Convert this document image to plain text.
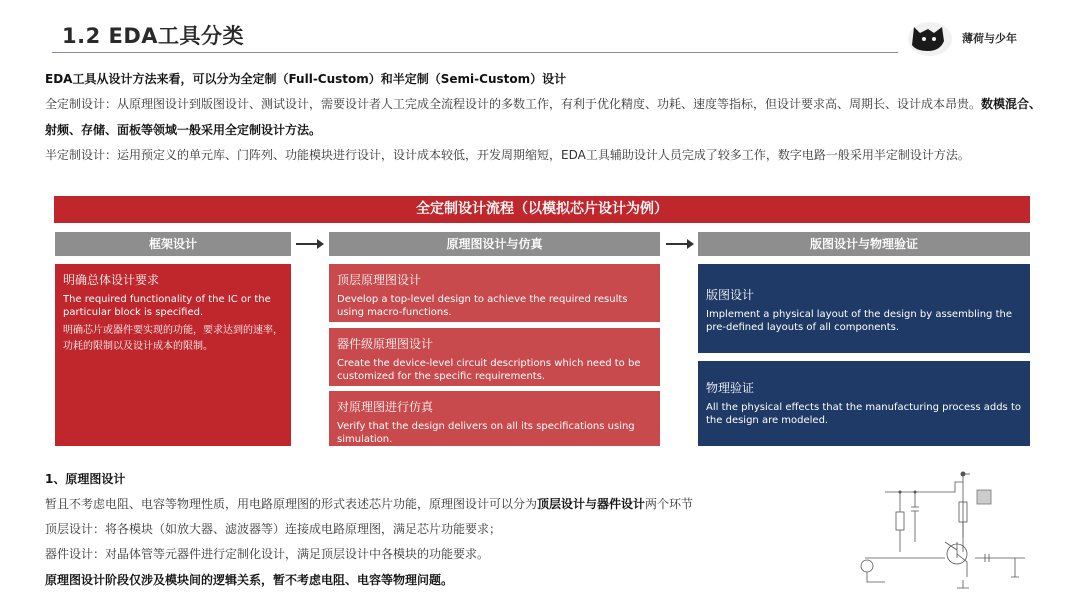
1.2 EDA工具分类	薄荷与少年
EDA工具从设计方法来看，可以分为全定制（Full-Custom）和半定制（Semi-Custom）设计
全定制设计：从原理图设计到版图设计、测试设计，需要设计者人工完成全流程设计的多数工作，有利于优化精度、功耗、速度等指标，但设计要求高、周期长、设计成本昂贵。数模混合、射频、存储、面板等领域一般采用全定制设计方法。
半定制设计：运用预定义的单元库、门阵列、功能模块进行设计，设计成本较低，开发周期缩短，EDA工具辅助设计人员完成了较多工作，数字电路一般采用半定制设计方法。
全定制设计流程（以模拟芯片设计为例）
框架设计	原理图设计与仿真	版图设计与物理验证
明确总体设计要求
The required functionality of the IC or the particular block is specified.
明确芯片或器件要实现的功能，要求达到的速率，功耗的限制以及设计成本的限制。
顶层原理图设计
Develop a top-level design to achieve the required results using macro-functions.
器件级原理图设计
Create the device-level circuit descriptions which need to be customized for the specific requirements.
对原理图进行仿真
Verify that the design delivers on all its specifications using simulation.
版图设计
Implement a physical layout of the design by assembling the pre-defined layouts of all components.
物理验证
All the physical effects that the manufacturing process adds to the design are modeled.
1、原理图设计
暂且不考虑电阻、电容等物理性质，用电路原理图的形式表述芯片功能，原理图设计可以分为顶层设计与器件设计两个环节
顶层设计：将各模块（如放大器、滤波器等）连接成电路原理图，满足芯片功能要求；
器件设计：对晶体管等元器件进行定制化设计，满足顶层设计中各模块的功能要求。
原理图设计阶段仅涉及模块间的逻辑关系，暂不考虑电阻、电容等物理问题。
